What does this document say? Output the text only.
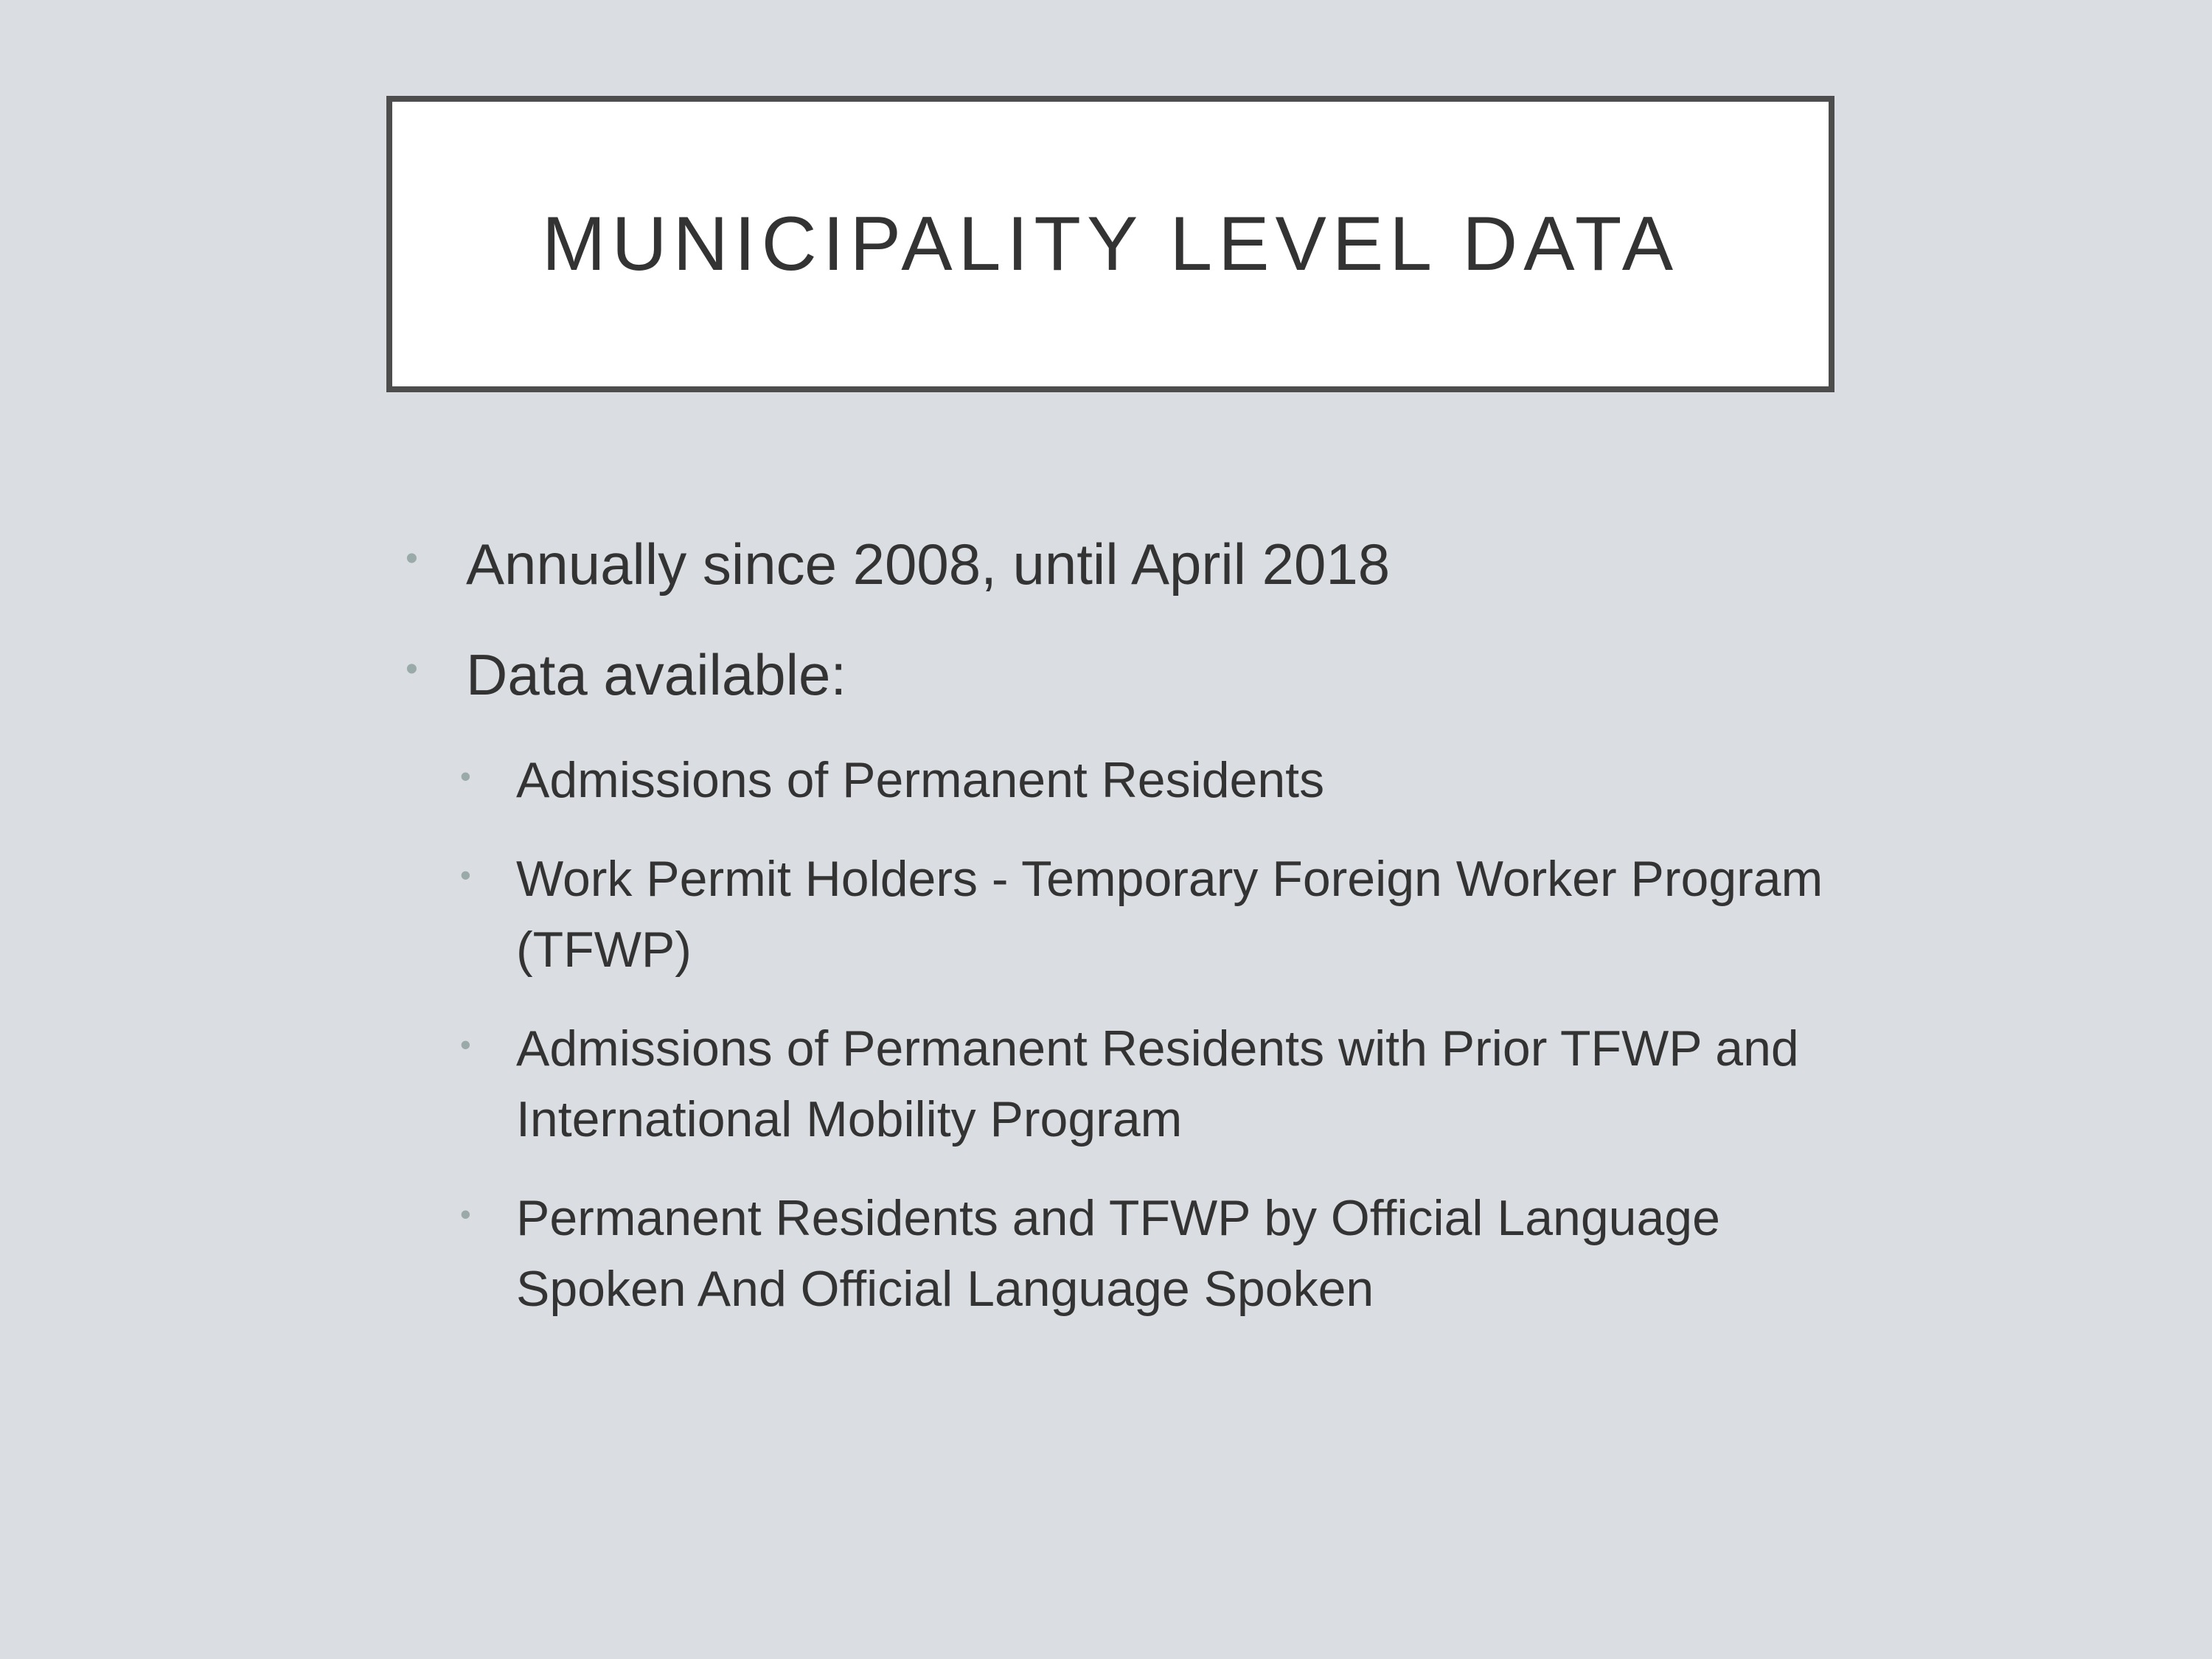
MUNICIPALITY LEVEL DATA
• Annually since 2008, until April 2018
• Data available:
• Admissions of Permanent Residents
• Work Permit Holders - Temporary Foreign Worker Program (TFWP)
• Admissions of Permanent Residents with Prior TFWP and International Mobility Program
• Permanent Residents and TFWP by Official Language Spoken And Official Language Spoken
